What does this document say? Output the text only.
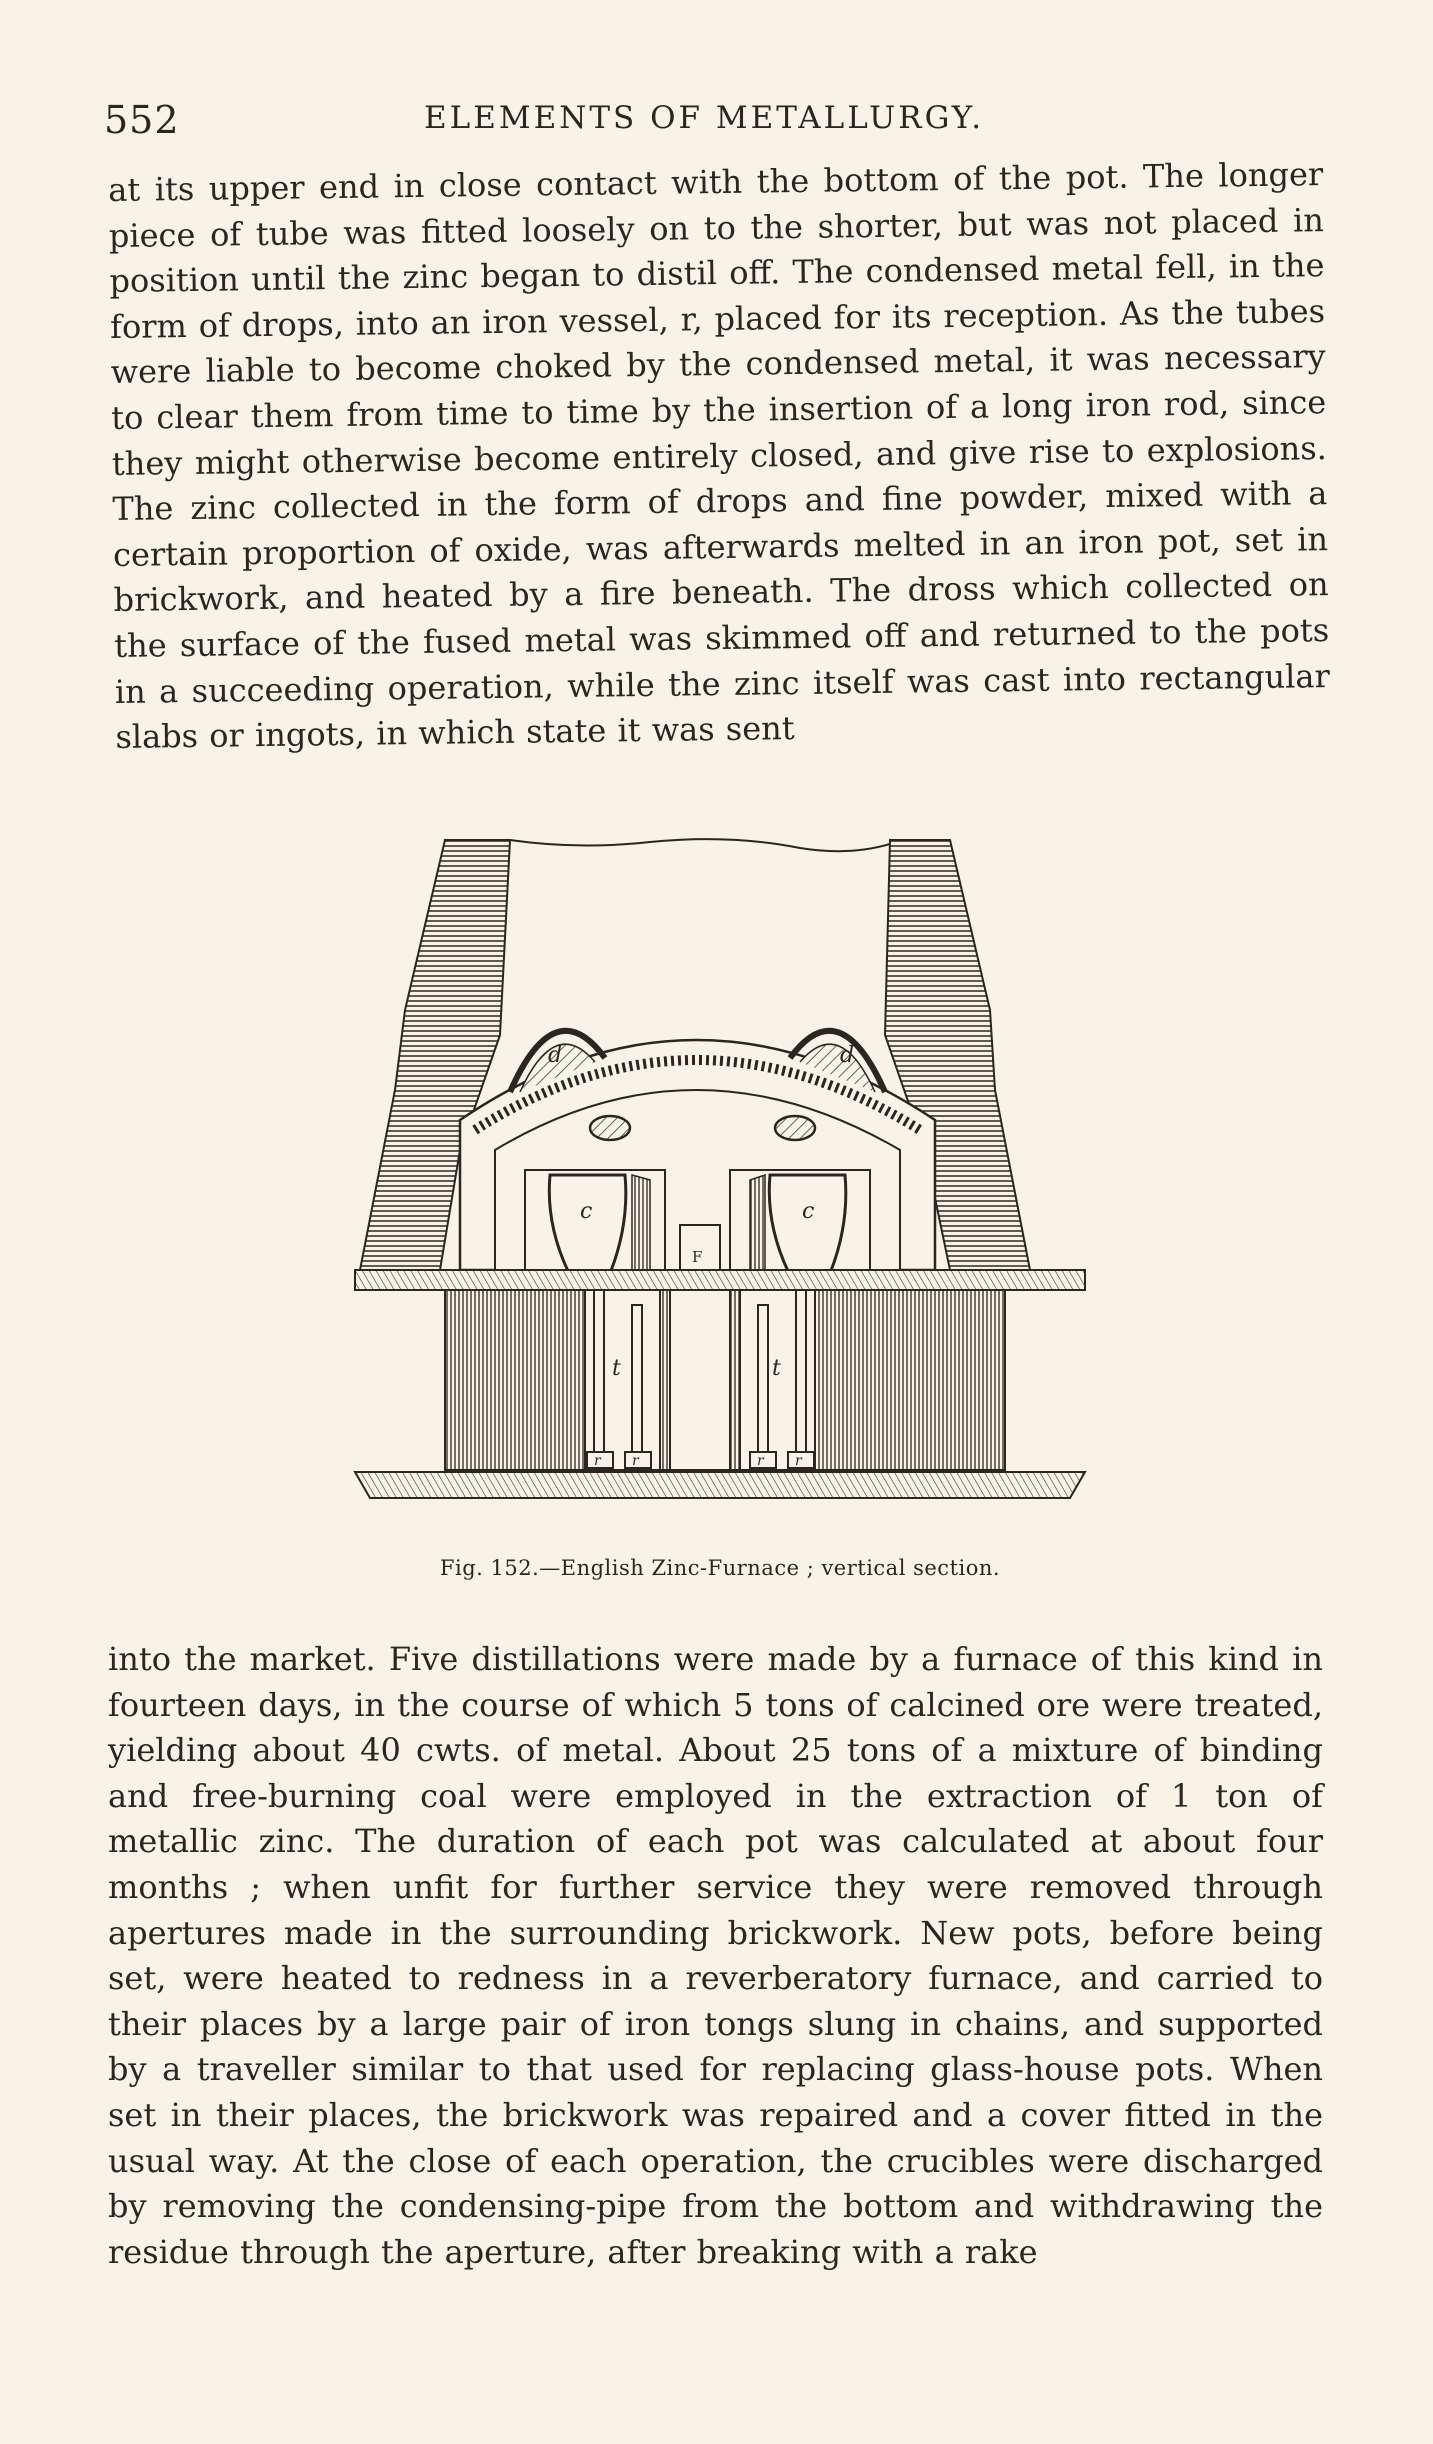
552	ELEMENTS OF METALLURGY.

at its upper end in close contact with the bottom of the pot. The longer piece of tube was fitted loosely on to the shorter, but was not placed in position until the zinc began to distil off. The condensed metal fell, in the form of drops, into an iron vessel, r, placed for its reception. As the tubes were liable to become choked by the condensed metal, it was necessary to clear them from time to time by the insertion of a long iron rod, since they might otherwise become entirely closed, and give rise to explosions. The zinc collected in the form of drops and fine powder, mixed with a certain proportion of oxide, was afterwards melted in an iron pot, set in brickwork, and heated by a fire beneath. The dross which collected on the surface of the fused metal was skimmed off and returned to the pots in a succeeding operation, while the zinc itself was cast into rectangular slabs or ingots, in which state it was sent

d	d
c	c
F
t	t
r r	r r
Fig. 152.—English Zinc-Furnace ; vertical section.

into the market. Five distillations were made by a furnace of this kind in fourteen days, in the course of which 5 tons of calcined ore were treated, yielding about 40 cwts. of metal. About 25 tons of a mixture of binding and free-burning coal were employed in the extraction of 1 ton of metallic zinc. The duration of each pot was calculated at about four months ; when unfit for further service they were removed through apertures made in the surrounding brickwork. New pots, before being set, were heated to redness in a reverberatory furnace, and carried to their places by a large pair of iron tongs slung in chains, and supported by a traveller similar to that used for replacing glass-house pots. When set in their places, the brickwork was repaired and a cover fitted in the usual way. At the close of each operation, the crucibles were discharged by removing the condensing-pipe from the bottom and withdrawing the residue through the aperture, after breaking with a rake
